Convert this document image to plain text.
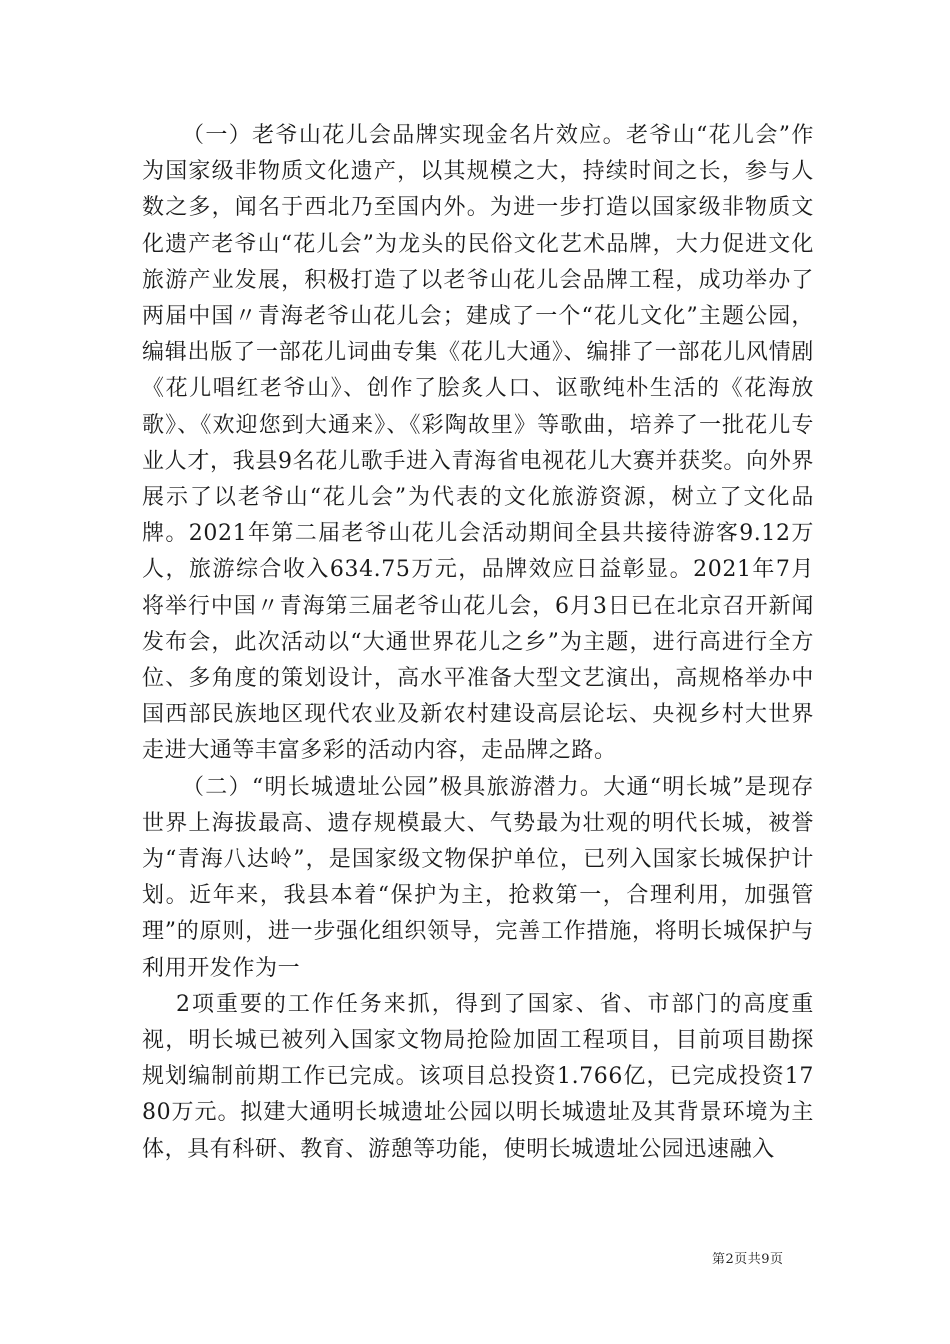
（一）老爷山花儿会品牌实现金名片效应。老爷山“花儿会”作为国家级非物质文化遗产，以其规模之大，持续时间之长，参与人数之多，闻名于西北乃至国内外。为进一步打造以国家级非物质文化遗产老爷山“花儿会”为龙头的民俗文化艺术品牌，大力促进文化旅游产业发展，积极打造了以老爷山花儿会品牌工程，成功举办了两届中国〃青海老爷山花儿会；建成了一个“花儿文化”主题公园，编辑出版了一部花儿词曲专集《花儿大通》、编排了一部花儿风情剧《花儿唱红老爷山》、创作了脍炙人口、讴歌纯朴生活的《花海放歌》、《欢迎您到大通来》、《彩陶故里》等歌曲，培养了一批花儿专业人才，我县9名花儿歌手进入青海省电视花儿大赛并获奖。向外界展示了以老爷山“花儿会”为代表的文化旅游资源，树立了文化品牌。2021年第二届老爷山花儿会活动期间全县共接待游客9.12万人，旅游综合收入634.75万元，品牌效应日益彰显。2021年7月将举行中国〃青海第三届老爷山花儿会，6月3日已在北京召开新闻发布会，此次活动以“大通世界花儿之乡”为主题，进行高进行全方位、多角度的策划设计，高水平准备大型文艺演出，高规格举办中国西部民族地区现代农业及新农村建设高层论坛、央视乡村大世界走进大通等丰富多彩的活动内容，走品牌之路。

（二）“明长城遗址公园”极具旅游潜力。大通“明长城”是现存世界上海拔最高、遗存规模最大、气势最为壮观的明代长城，被誉为“青海八达岭”，是国家级文物保护单位，已列入国家长城保护计划。近年来，我县本着“保护为主，抢救第一，合理利用，加强管理”的原则，进一步强化组织领导，完善工作措施，将明长城保护与利用开发作为一

2项重要的工作任务来抓，得到了国家、省、市部门的高度重视，明长城已被列入国家文物局抢险加固工程项目，目前项目勘探规划编制前期工作已完成。该项目总投资1.766亿，已完成投资1780万元。拟建大通明长城遗址公园以明长城遗址及其背景环境为主体，具有科研、教育、游憩等功能，使明长城遗址公园迅速融入

第2页共9页
